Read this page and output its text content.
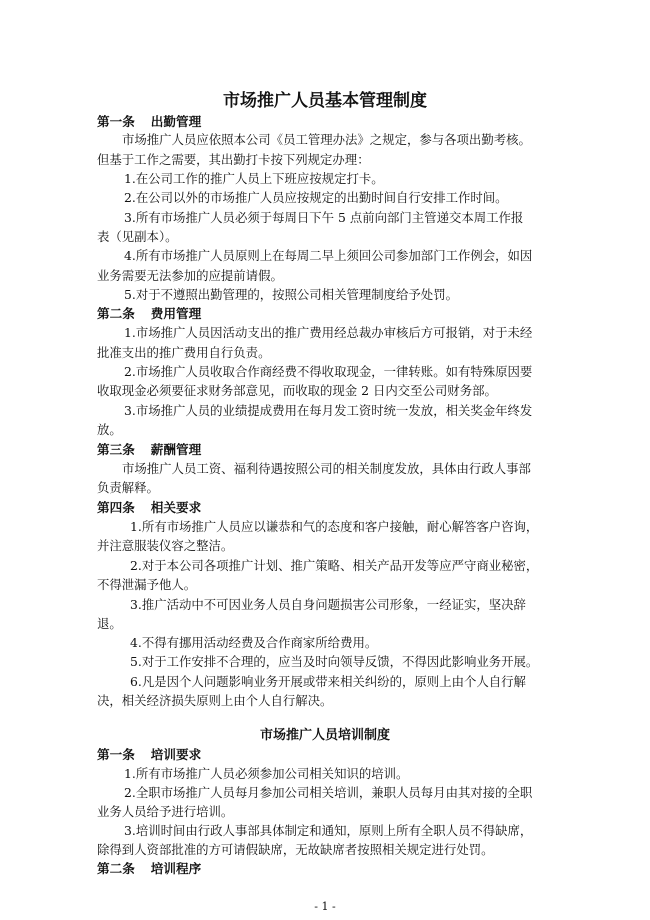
市场推广人员基本管理制度
第一条 出勤管理
市场推广人员应依照本公司《员工管理办法》之规定，参与各项出勤考核。
但基于工作之需要，其出勤打卡按下列规定办理：
1.在公司工作的推广人员上下班应按规定打卡。
2.在公司以外的市场推广人员应按规定的出勤时间自行安排工作时间。
3.所有市场推广人员必须于每周日下午 5 点前向部门主管递交本周工作报
表（见副本）。
4.所有市场推广人员原则上在每周二早上须回公司参加部门工作例会，如因
业务需要无法参加的应提前请假。
5.对于不遵照出勤管理的，按照公司相关管理制度给予处罚。
第二条 费用管理
1.市场推广人员因活动支出的推广费用经总裁办审核后方可报销，对于未经
批准支出的推广费用自行负责。
2.市场推广人员收取合作商经费不得收取现金，一律转账。如有特殊原因要
收取现金必须要征求财务部意见，而收取的现金 2 日内交至公司财务部。
3.市场推广人员的业绩提成费用在每月发工资时统一发放，相关奖金年终发
放。
第三条 薪酬管理
市场推广人员工资、福利待遇按照公司的相关制度发放，具体由行政人事部
负责解释。
第四条 相关要求
1.所有市场推广人员应以谦恭和气的态度和客户接触，耐心解答客户咨询，
并注意服装仪容之整洁。
2.对于本公司各项推广计划、推广策略、相关产品开发等应严守商业秘密，
不得泄漏予他人。
3.推广活动中不可因业务人员自身问题损害公司形象，一经证实，坚决辞
退。
4.不得有挪用活动经费及合作商家所给费用。
5.对于工作安排不合理的，应当及时向领导反馈，不得因此影响业务开展。
6.凡是因个人问题影响业务开展或带来相关纠纷的，原则上由个人自行解
决，相关经济损失原则上由个人自行解决。
市场推广人员培训制度
第一条 培训要求
1.所有市场推广人员必须参加公司相关知识的培训。
2.全职市场推广人员每月参加公司相关培训，兼职人员每月由其对接的全职
业务人员给予进行培训。
3.培训时间由行政人事部具体制定和通知，原则上所有全职人员不得缺席，
除得到人资部批准的方可请假缺席，无故缺席者按照相关规定进行处罚。
第二条 培训程序
- 1 -
